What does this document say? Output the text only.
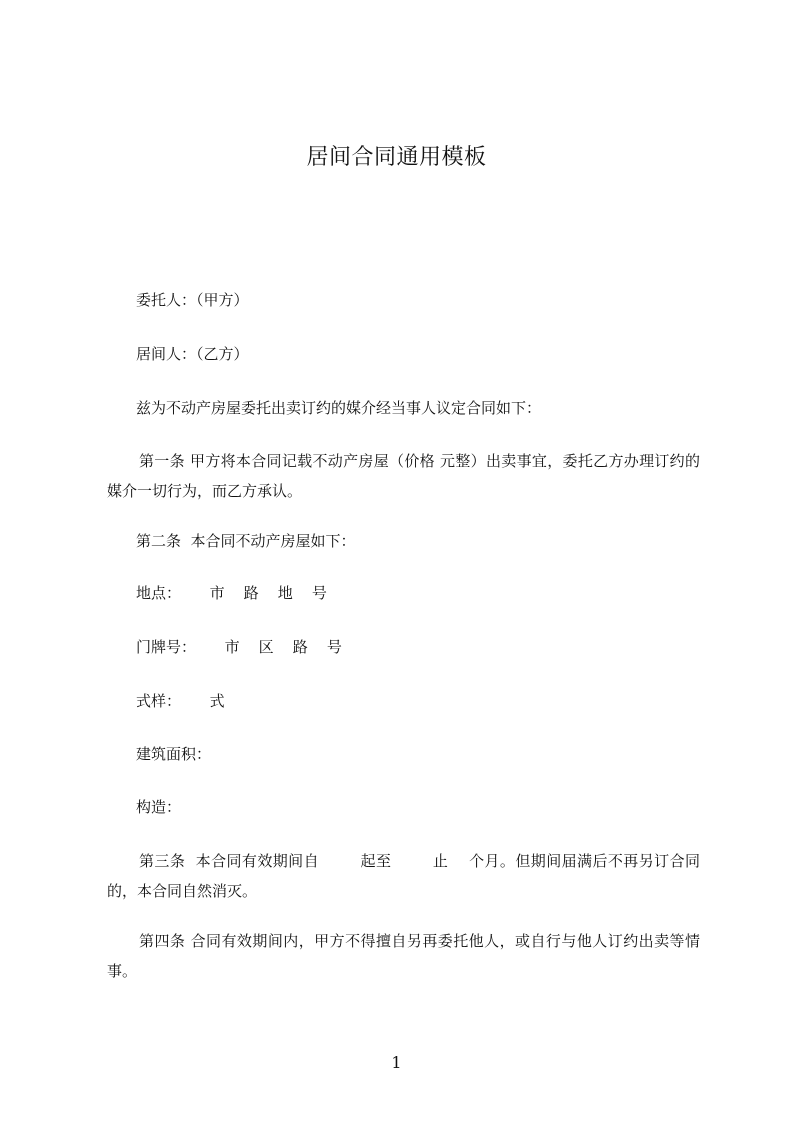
居间合同通用模板
委托人：（甲方）
居间人：（乙方）
兹为不动产房屋委托出卖订约的媒介经当事人议定合同如下：
第一条 甲方将本合同记载不动产房屋（价格 元整）出卖事宜，委托乙方办理订约的媒介一切行为，而乙方承认。
第二条  本合同不动产房屋如下：
地点：      市    路    地    号
门牌号：      市    区    路    号
式样：      式
建筑面积：
构造：
第三条  本合同有效期间自        起至        止    个月。但期间届满后不再另订合同的，本合同自然消灭。
第四条 合同有效期间内，甲方不得擅自另再委托他人，或自行与他人订约出卖等情事。
1
